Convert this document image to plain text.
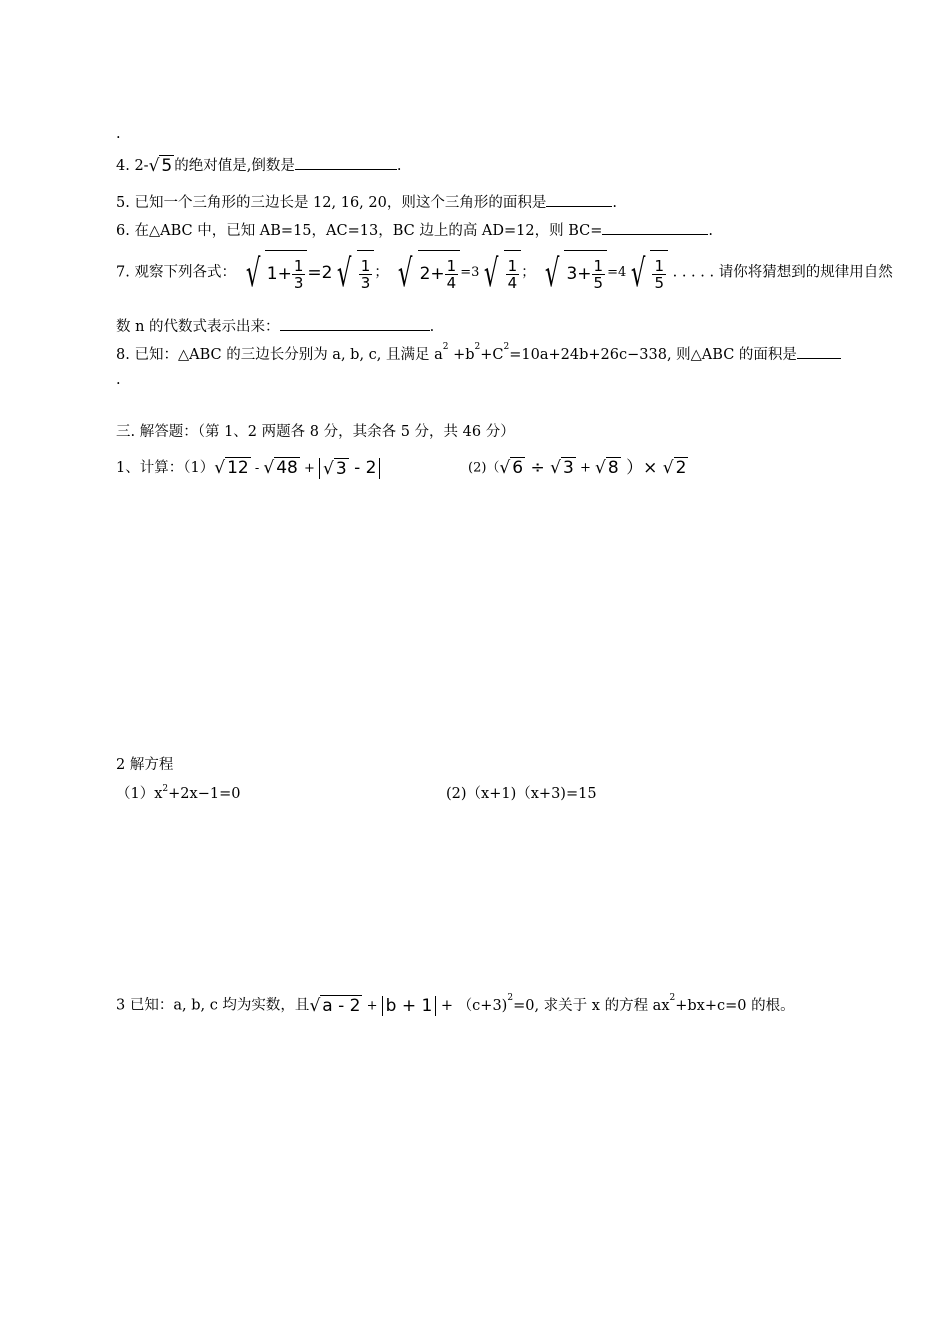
.
4. 2-√ 5 的绝对值是,倒数是	.
5. 已知一个三角形的三边长是 12, 16, 20，则这个三角形的面积是	.
6. 在△ABC 中，已知 AB=15，AC=13，BC 边上的高 AD=12，则 BC=	.
7. 观察下列各式： √ $1 + \frac{1}{3} =2$ √ $\frac{1}{3}$ ； √ $2 + \frac{1}{4} =3$ √ $\frac{1}{4}$ ； √ $3 + \frac{1}{5} =4$ √ $\frac{1}{5}$ . . . . . 请你将猜想到的规律用自然
数 n 的代数式表示出来：	.
8. 已知：△ABC 的三边长分别为 a, b, c, 且满足 $a^2 +b^2+C^2=10a+24b+26c-338$, 则△ABC 的面积是
.
三. 解答题：（第 1、2 两题各 8 分，其余各 5 分，共 46 分）
1、计算：（1）√ 12 - √ 48 + √ 3 - 2	(2)（√ 6 ÷ √ 3 + √ 8 ）× √ 2
2 解方程
$(1)x^2+2x-1=0$	(2)（x+1)（x+3)=15
3 已知：a, b, c 均为实数，且√ a - 2 + b + 1 + （c+3)$^2$=0, 求关于 x 的方程 $ax^2+bx+c=0$ 的根。
